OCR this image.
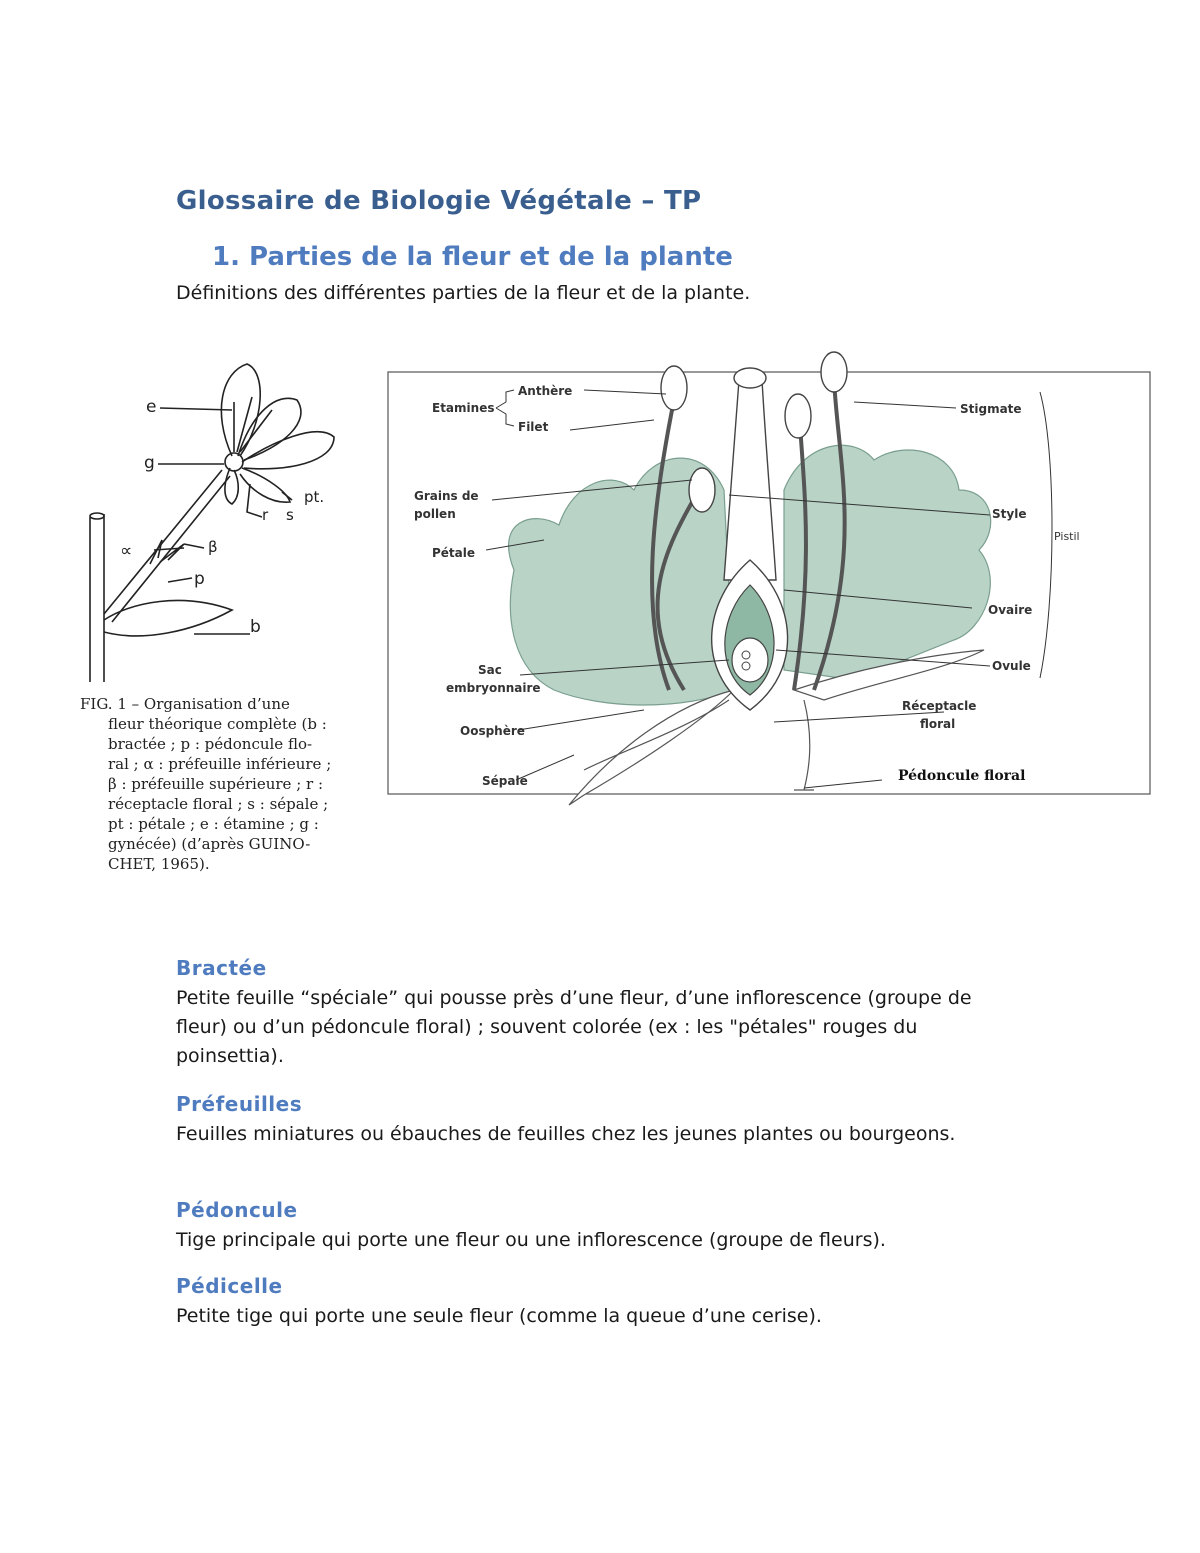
Glossaire de Biologie Végétale – TP
1. Parties de la fleur et de la plante
Définitions des différentes parties de la fleur et de la plante.
e
g
pt.
s
r
∝	β
p
b
FIG. 1 – Organisation d’une
fleur théorique complète (b :
bractée ; p : pédoncule flo-
ral ; α : préfeuille inférieure ;
β : préfeuille supérieure ; r :
réceptacle floral ; s : sépale ;
pt : pétale ; e : étamine ; g :
gynécée) (d’après GUINO-
CHET, 1965).
Etamines
Anthère
Filet
Grains de
pollen
Pétale
Sac
embryonnaire
Oosphère
Sépale
Stigmate
Style
Pistil
Ovaire
Ovule
Réceptacle
floral
Pédoncule floral
Bractée
Petite feuille “spéciale” qui pousse près d’une fleur, d’une inflorescence (groupe de fleur) ou d’un pédoncule floral) ; souvent colorée (ex : les "pétales" rouges du poinsettia).
Préfeuilles
Feuilles miniatures ou ébauches de feuilles chez les jeunes plantes ou bourgeons.
Pédoncule
Tige principale qui porte une fleur ou une inflorescence (groupe de fleurs).
Pédicelle
Petite tige qui porte une seule fleur (comme la queue d’une cerise).
